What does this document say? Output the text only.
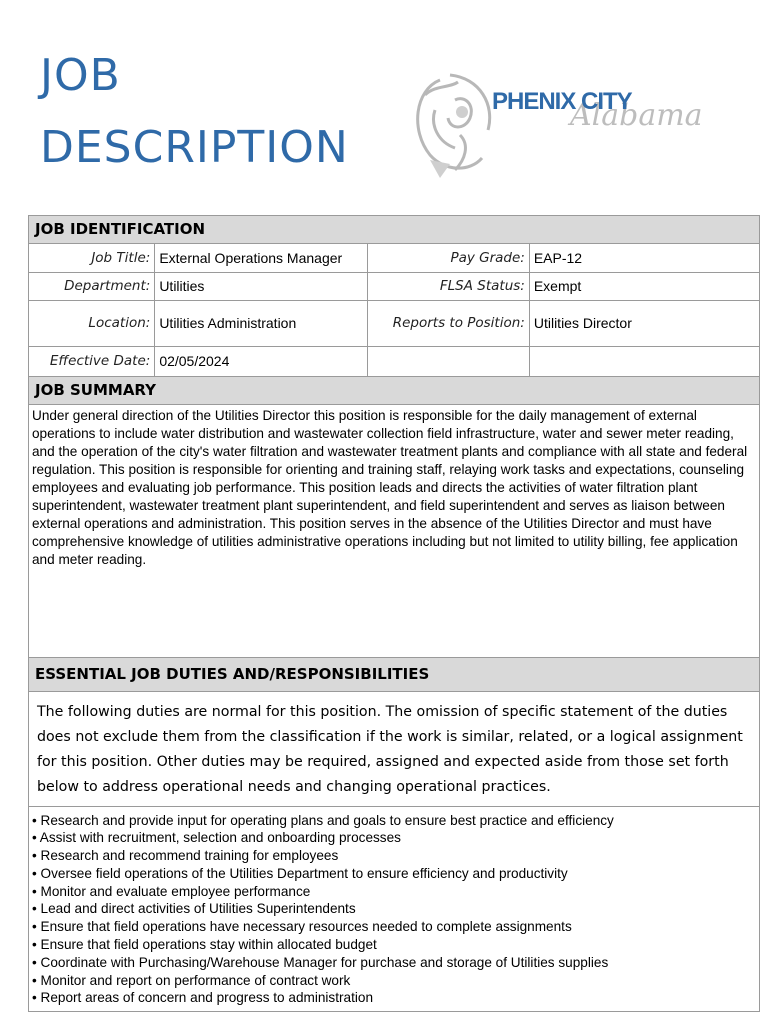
JOB
DESCRIPTION
Alabama
PHENIX CITY
JOB IDENTIFICATION
Job Title:	External Operations Manager	Pay Grade:	EAP-12
Department:	Utilities	FLSA Status:	Exempt
Location:	Utilities Administration	Reports to Position:	Utilities Director
Effective Date:	02/05/2024		
JOB SUMMARY
Under general direction of the Utilities Director this position is responsible for the daily management of external operations to include water distribution and wastewater collection field infrastructure, water and sewer meter reading, and the operation of the city's water filtration and wastewater treatment plants and compliance with all state and federal regulation. This position is responsible for orienting and training staff, relaying work tasks and expectations, counseling employees and evaluating job performance. This position leads and directs the activities of water filtration plant superintendent, wastewater treatment plant superintendent, and field superintendent and serves as liaison between external operations and administration. This position serves in the absence of the Utilities Director and must have comprehensive knowledge of utilities administrative operations including but not limited to utility billing, fee application and meter reading.
ESSENTIAL JOB DUTIES AND/RESPONSIBILITIES
The following duties are normal for this position. The omission of specific statement of the duties does not exclude them from the classification if the work is similar, related, or a logical assignment for this position. Other duties may be required, assigned and expected aside from those set forth below to address operational needs and changing operational practices.
• Research and provide input for operating plans and goals to ensure best practice and efficiency
• Assist with recruitment, selection and onboarding processes
• Research and recommend training for employees
• Oversee field operations of the Utilities Department to ensure efficiency and productivity
• Monitor and evaluate employee performance
• Lead and direct activities of Utilities Superintendents
• Ensure that field operations have necessary resources needed to complete assignments
• Ensure that field operations stay within allocated budget
• Coordinate with Purchasing/Warehouse Manager for purchase and storage of Utilities supplies
• Monitor and report on performance of contract work
• Report areas of concern and progress to administration
